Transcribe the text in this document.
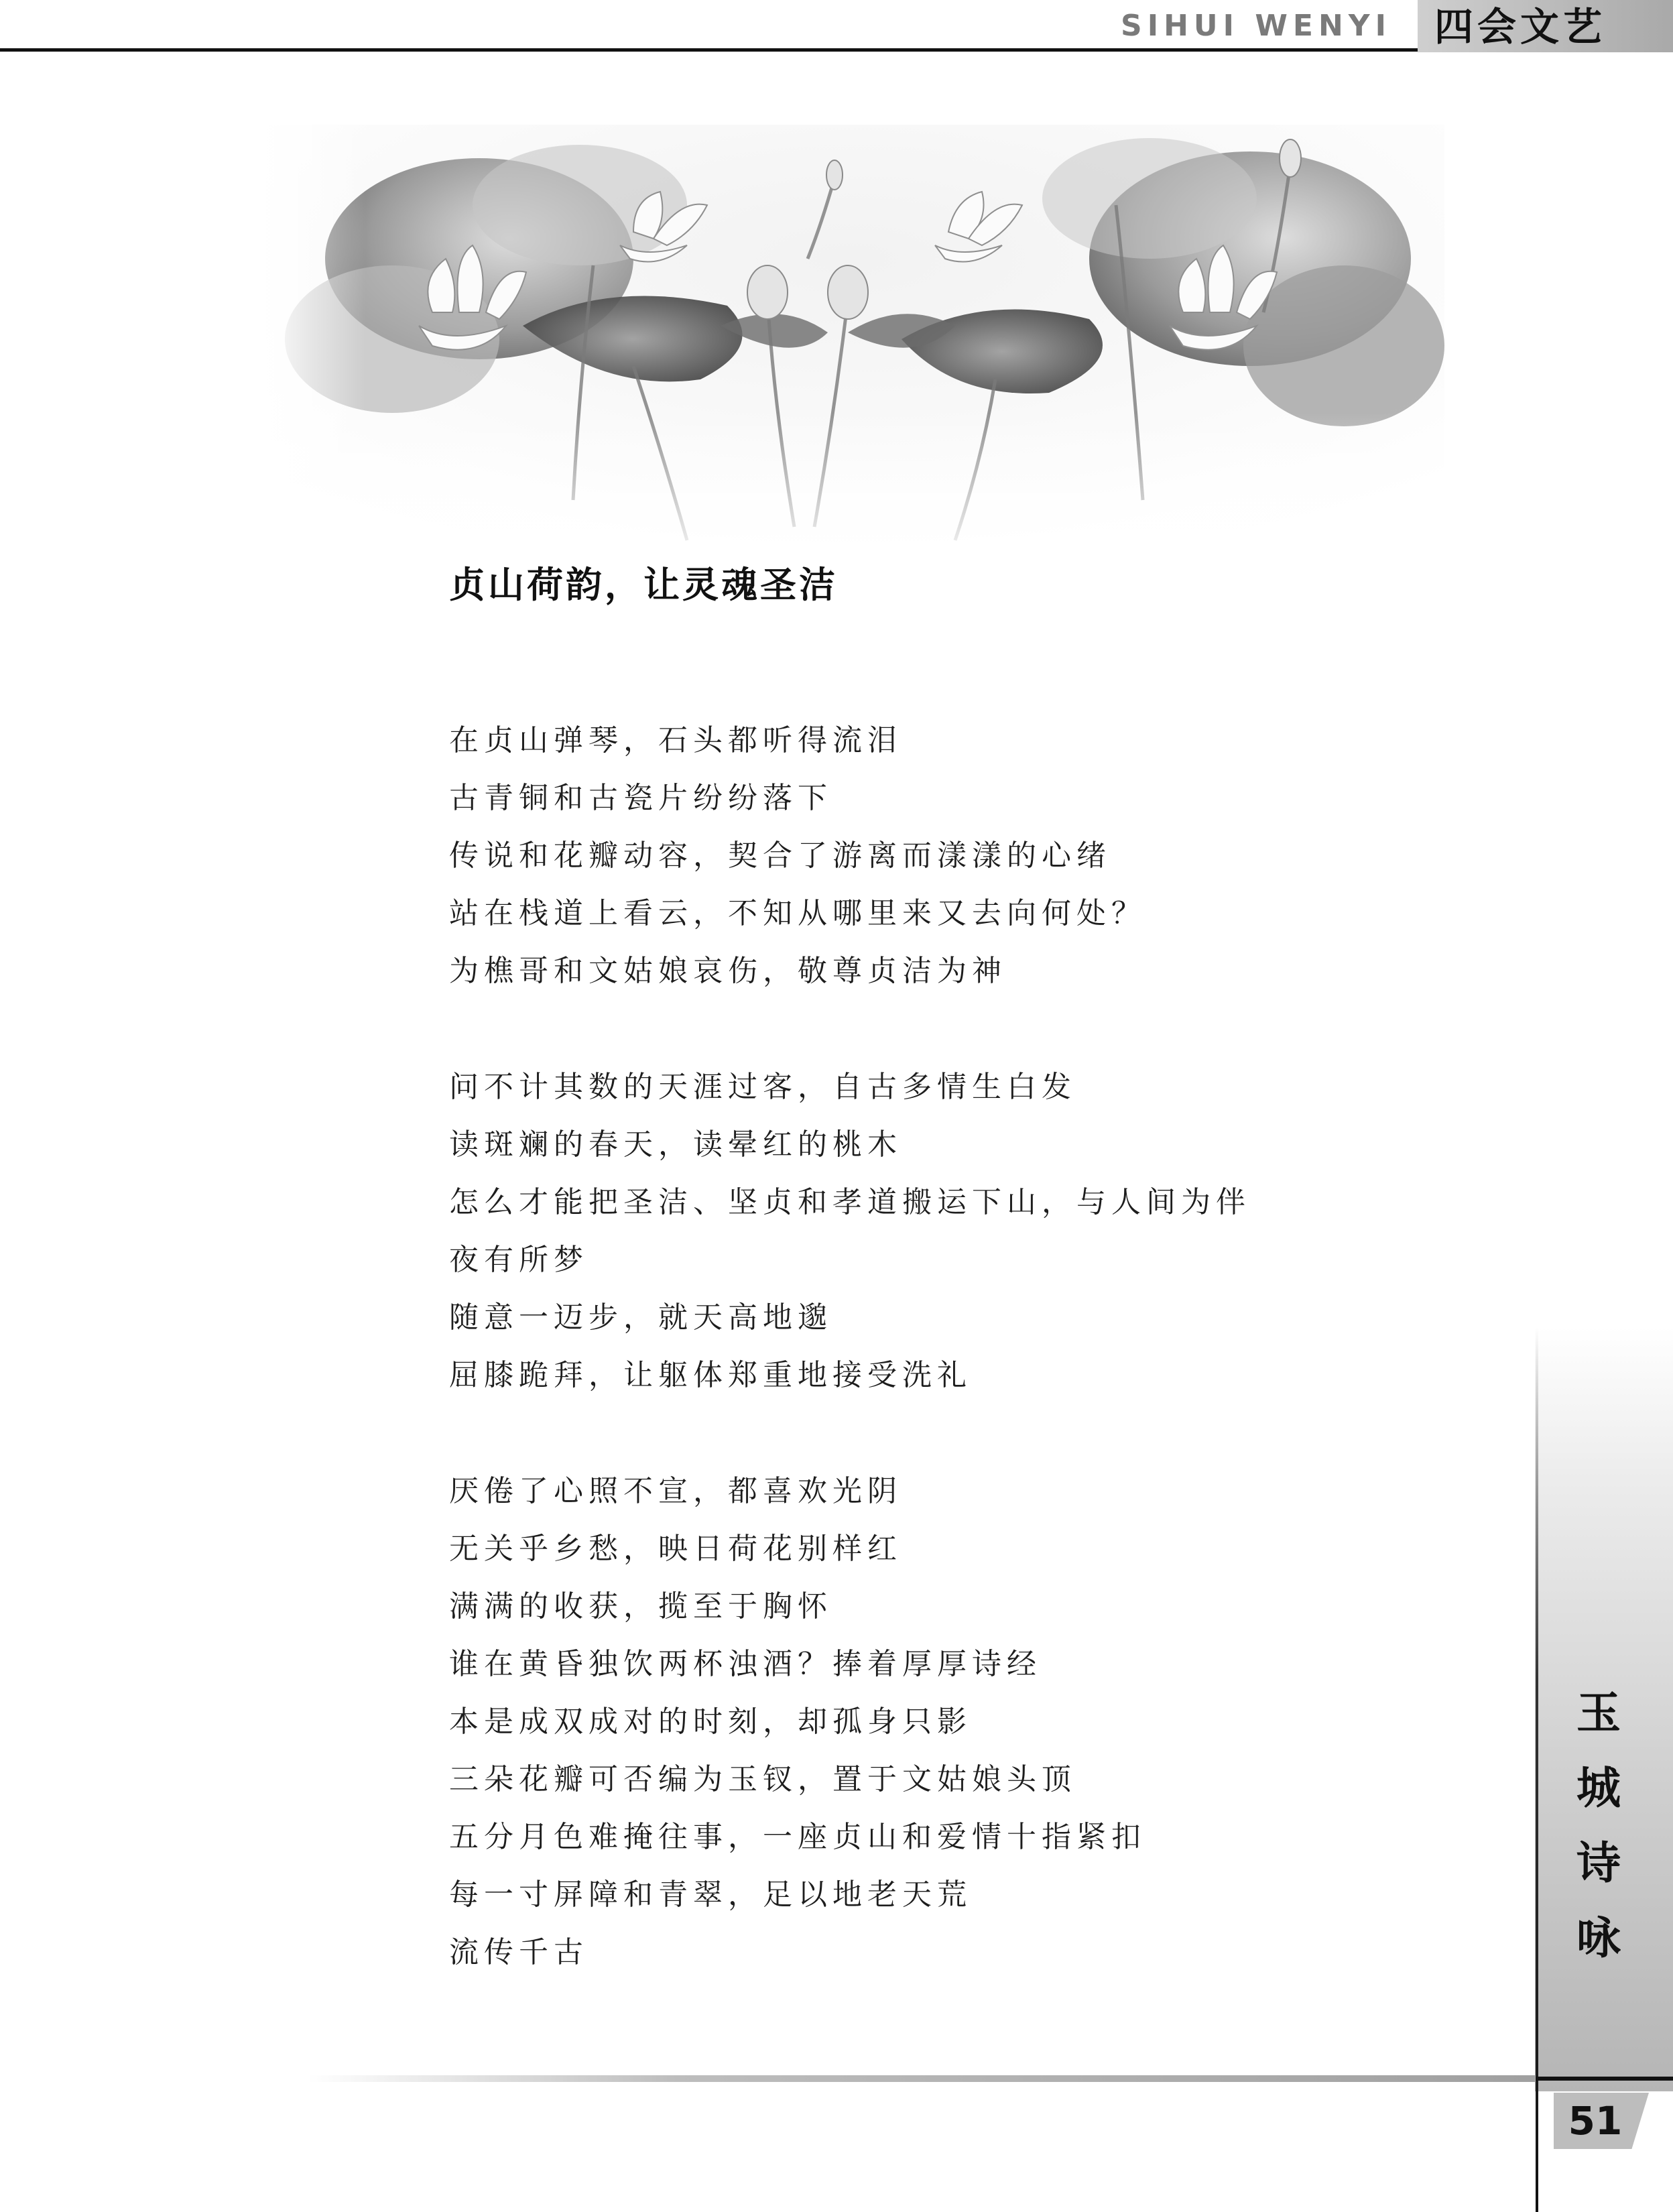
SIHUI WENYI 四会文艺
贞山荷韵，让灵魂圣洁
在贞山弹琴，石头都听得流泪
古青铜和古瓷片纷纷落下
传说和花瓣动容，契合了游离而漾漾的心绪
站在栈道上看云，不知从哪里来又去向何处？
为樵哥和文姑娘哀伤，敬尊贞洁为神
问不计其数的天涯过客，自古多情生白发
读斑斓的春天，读晕红的桃木
怎么才能把圣洁、坚贞和孝道搬运下山，与人间为伴
夜有所梦
随意一迈步，就天高地邈
屈膝跪拜，让躯体郑重地接受洗礼
厌倦了心照不宣，都喜欢光阴
无关乎乡愁，映日荷花别样红
满满的收获，揽至于胸怀
谁在黄昏独饮两杯浊酒？捧着厚厚诗经
本是成双成对的时刻，却孤身只影
三朵花瓣可否编为玉钗，置于文姑娘头顶
五分月色难掩往事，一座贞山和爱情十指紧扣
每一寸屏障和青翠，足以地老天荒
流传千古
玉
城
诗
咏
51
